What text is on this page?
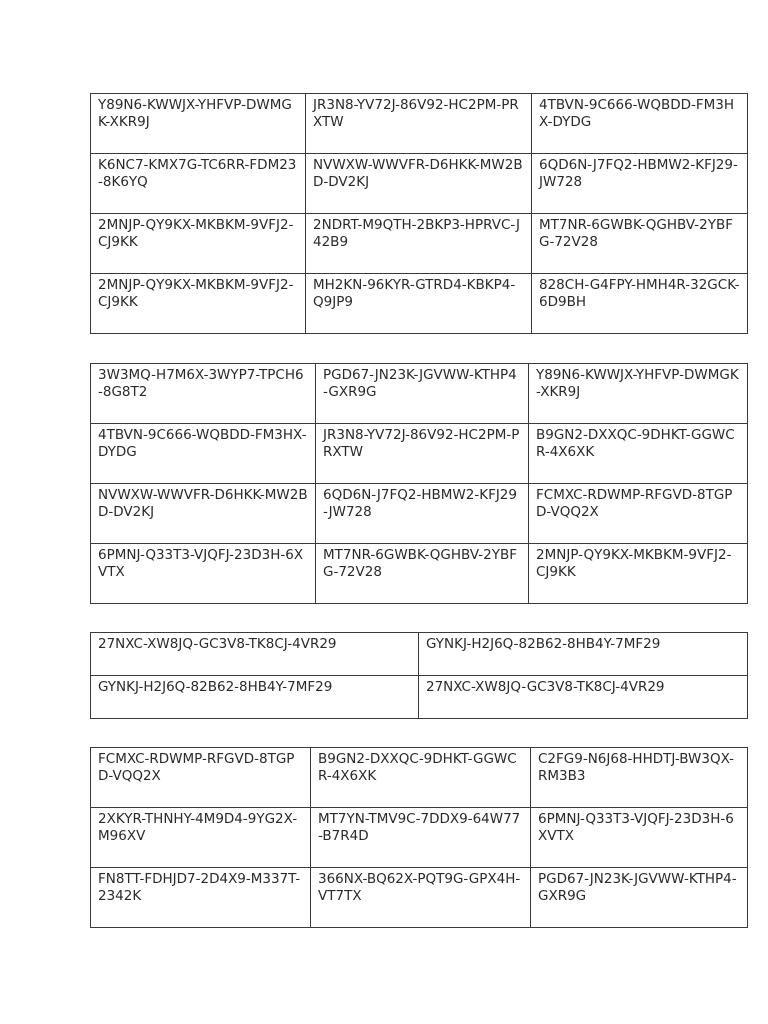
Y89N6-KWWJX-YHFVP-DWMGK-XKR9J	JR3N8-YV72J-86V92-HC2PM-PRXTW	4TBVN-9C666-WQBDD-FM3HX-DYDG
K6NC7-KMX7G-TC6RR-FDM23-8K6YQ	NVWXW-WWVFR-D6HKK-MW2BD-DV2KJ	6QD6N-J7FQ2-HBMW2-KFJ29-JW728
2MNJP-QY9KX-MKBKM-9VFJ2-CJ9KK	2NDRT-M9QTH-2BKP3-HPRVC-J42B9	MT7NR-6GWBK-QGHBV-2YBFG-72V28
2MNJP-QY9KX-MKBKM-9VFJ2-CJ9KK	MH2KN-96KYR-GTRD4-KBKP4-Q9JP9	828CH-G4FPY-HMH4R-32GCK-6D9BH
3W3MQ-H7M6X-3WYP7-TPCH6-8G8T2	PGD67-JN23K-JGVWW-KTHP4-GXR9G	Y89N6-KWWJX-YHFVP-DWMGK-XKR9J
4TBVN-9C666-WQBDD-FM3HX-DYDG	JR3N8-YV72J-86V92-HC2PM-PRXTW	B9GN2-DXXQC-9DHKT-GGWCR-4X6XK
NVWXW-WWVFR-D6HKK-MW2BD-DV2KJ	6QD6N-J7FQ2-HBMW2-KFJ29-JW728	FCMXC-RDWMP-RFGVD-8TGPD-VQQ2X
6PMNJ-Q33T3-VJQFJ-23D3H-6XVTX	MT7NR-6GWBK-QGHBV-2YBFG-72V28	2MNJP-QY9KX-MKBKM-9VFJ2-CJ9KK
27NXC-XW8JQ-GC3V8-TK8CJ-4VR29	GYNKJ-H2J6Q-82B62-8HB4Y-7MF29
GYNKJ-H2J6Q-82B62-8HB4Y-7MF29	27NXC-XW8JQ-GC3V8-TK8CJ-4VR29
FCMXC-RDWMP-RFGVD-8TGPD-VQQ2X	B9GN2-DXXQC-9DHKT-GGWCR-4X6XK	C2FG9-N6J68-HHDTJ-BW3QX-RM3B3
2XKYR-THNHY-4M9D4-9YG2X-M96XV	MT7YN-TMV9C-7DDX9-64W77-B7R4D	6PMNJ-Q33T3-VJQFJ-23D3H-6XVTX
FN8TT-FDHJD7-2D4X9-M337T-2342K	366NX-BQ62X-PQT9G-GPX4H-VT7TX	PGD67-JN23K-JGVWW-KTHP4-GXR9G
